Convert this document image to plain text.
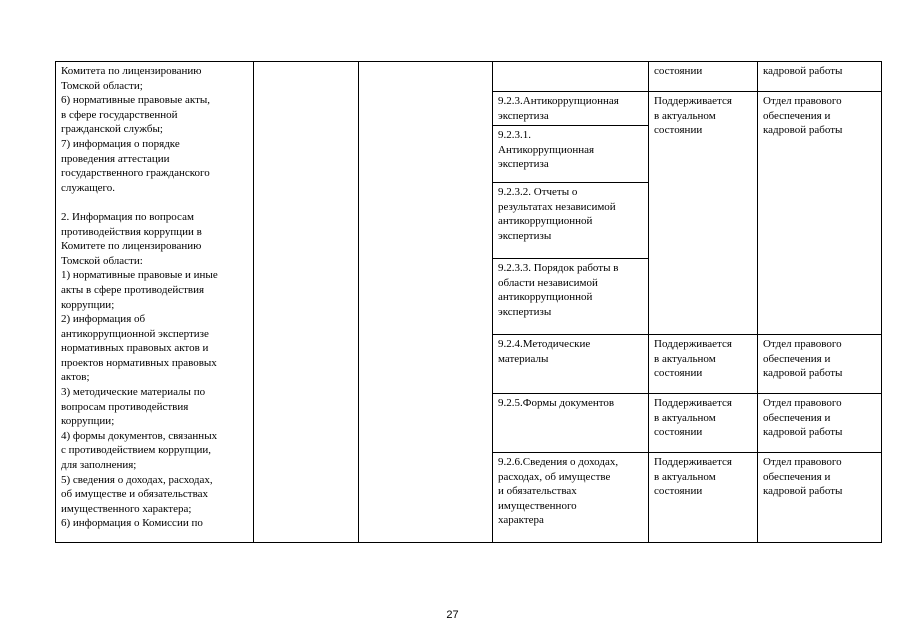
Комитета по лицензированию
Томской области;
6) нормативные правовые акты,
в сфере государственной
гражданской службы;
7) информация о порядке
проведения аттестации
государственного гражданского
служащего.

2. Информация по вопросам
противодействия коррупции в
Комитете по лицензированию
Томской области:
1) нормативные правовые и иные
акты в сфере противодействия
коррупции;
2) информация об
антикоррупционной экспертизе
нормативных правовых актов и
проектов нормативных правовых
актов;
3) методические материалы по
вопросам противодействия
коррупции;
4) формы документов, связанных
с противодействием коррупции,
для заполнения;
5) сведения о доходах, расходах,
об имуществе и обязательствах
имущественного характера;
6) информация о Комиссии по
состоянии	кадровой работы
9.2.3.Антикоррупционная
экспертиза
Поддерживается
в актуальном
состоянии
Отдел правового
обеспечения и
кадровой работы
9.2.3.1.
Антикоррупционная
экспертиза
9.2.3.2. Отчеты о
результатах независимой
антикоррупционной
экспертизы
9.2.3.3. Порядок работы в
области независимой
антикоррупционной
экспертизы
9.2.4.Методические
материалы
Поддерживается
в актуальном
состоянии
Отдел правового
обеспечения и
кадровой работы
9.2.5.Формы документов	Поддерживается
в актуальном
состоянии
Отдел правового
обеспечения и
кадровой работы
9.2.6.Сведения о доходах,
расходах, об имуществе
и обязательствах
имущественного
характера
Поддерживается
в актуальном
состоянии
Отдел правового
обеспечения и
кадровой работы
27
